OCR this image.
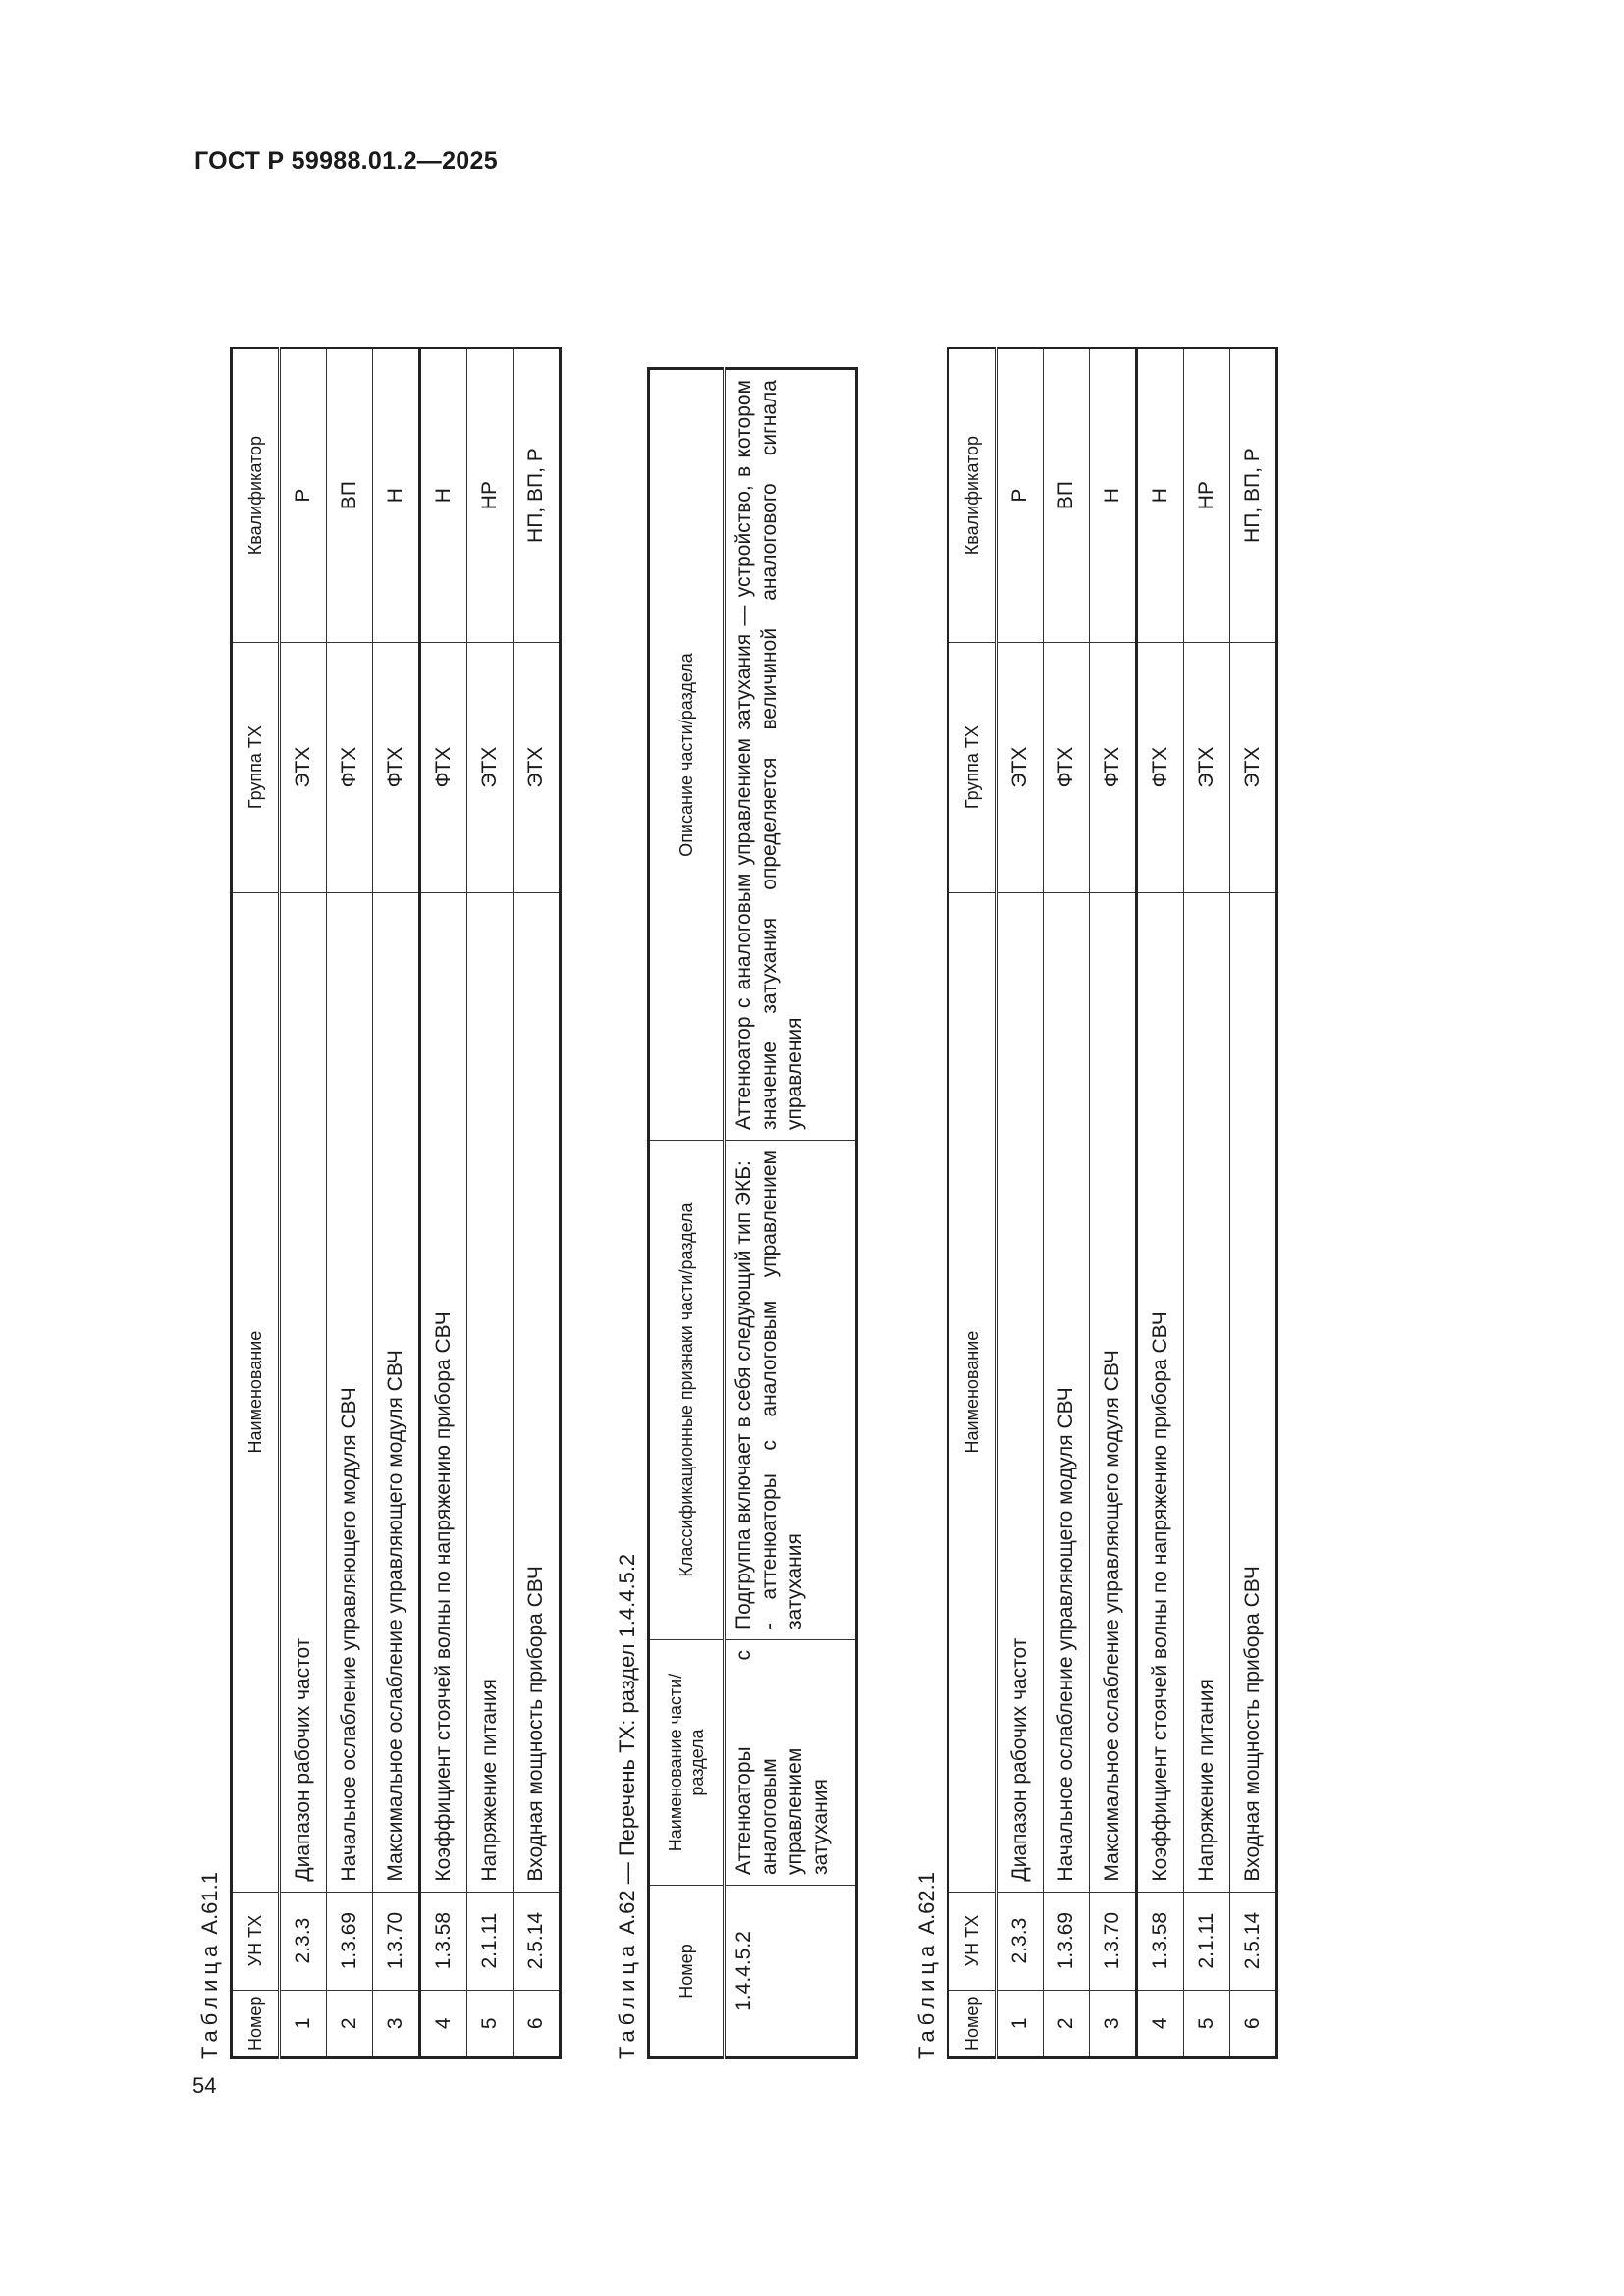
ГОСТ Р 59988.01.2—2025
54
Таблица А.61.1
Номер	УН ТХ	Наименование	Группа ТХ	Квалификатор
1	2.3.3	Диапазон рабочих частот	ЭТХ	Р
2	1.3.69	Начальное ослабление управляющего модуля СВЧ	ФТХ	ВП
3	1.3.70	Максимальное ослабление управляющего модуля СВЧ	ФТХ	Н
4	1.3.58	Коэффициент стоячей волны по напряжению прибора СВЧ	ФТХ	Н
5	2.1.11	Напряжение питания	ЭТХ	НР
6	2.5.14	Входная мощность прибора СВЧ	ЭТХ	НП, ВП, Р
Таблица А.62 — Перечень ТХ: раздел 1.4.4.5.2
Номер	Наименование части/раздела	Классификационные признаки части/раздела	Описание части/раздела
1.4.4.5.2	Аттенюаторы с аналоговым управлением затухания	Подгруппа включает в себя следующий тип ЭКБ: - аттенюаторы с аналоговым управлением затухания	Аттенюатор с аналоговым управлением затухания — устройство, в котором значение затухания определяется величиной аналогового сигнала управления
Таблица А.62.1
Номер	УН ТХ	Наименование	Группа ТХ	Квалификатор
1	2.3.3	Диапазон рабочих частот	ЭТХ	Р
2	1.3.69	Начальное ослабление управляющего модуля СВЧ	ФТХ	ВП
3	1.3.70	Максимальное ослабление управляющего модуля СВЧ	ФТХ	Н
4	1.3.58	Коэффициент стоячей волны по напряжению прибора СВЧ	ФТХ	Н
5	2.1.11	Напряжение питания	ЭТХ	НР
6	2.5.14	Входная мощность прибора СВЧ	ЭТХ	НП, ВП, Р
